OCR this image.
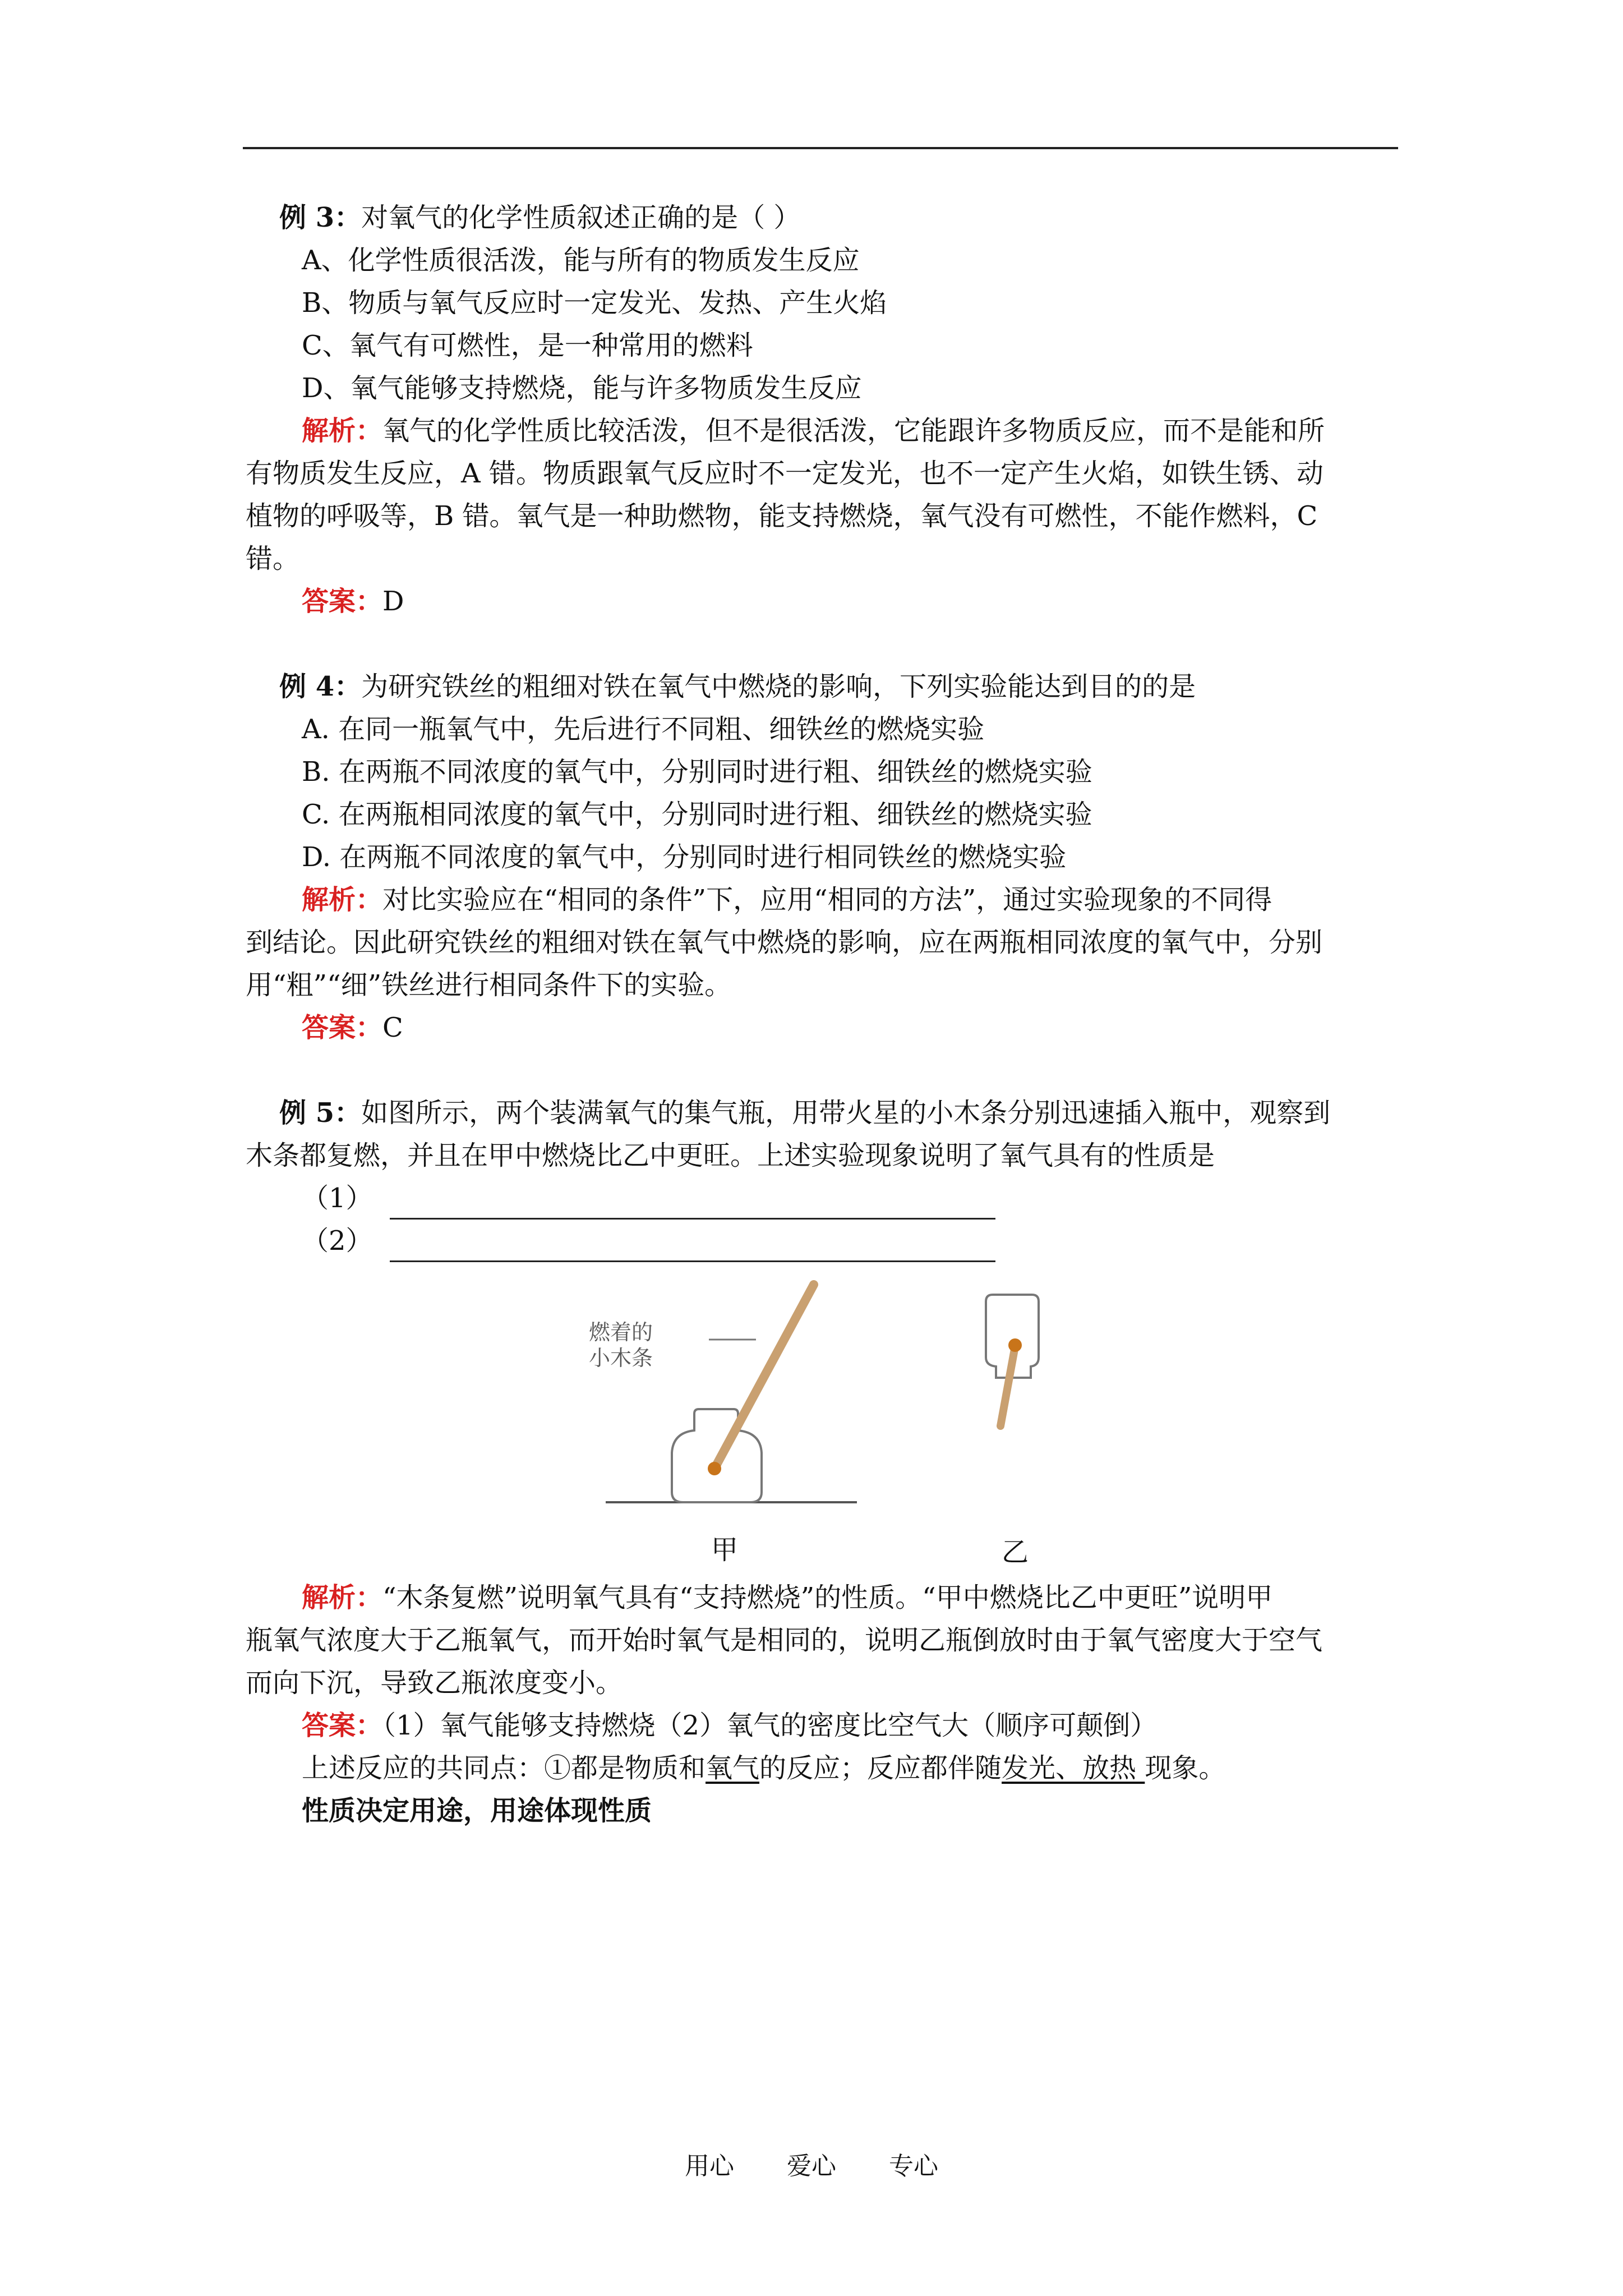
例 3：对氧气的化学性质叙述正确的是（ ）
A、化学性质很活泼，能与所有的物质发生反应
B、物质与氧气反应时一定发光、发热、产生火焰
C、氧气有可燃性，是一种常用的燃料
D、氧气能够支持燃烧，能与许多物质发生反应
解析：氧气的化学性质比较活泼，但不是很活泼，它能跟许多物质反应，而不是能和所
有物质发生反应，A 错。物质跟氧气反应时不一定发光，也不一定产生火焰，如铁生锈、动
植物的呼吸等，B 错。氧气是一种助燃物，能支持燃烧，氧气没有可燃性，不能作燃料，C
错。
答案：D
例 4：为研究铁丝的粗细对铁在氧气中燃烧的影响，下列实验能达到目的的是
A. 在同一瓶氧气中，先后进行不同粗、细铁丝的燃烧实验
B. 在两瓶不同浓度的氧气中，分别同时进行粗、细铁丝的燃烧实验
C. 在两瓶相同浓度的氧气中，分别同时进行粗、细铁丝的燃烧实验
D. 在两瓶不同浓度的氧气中，分别同时进行相同铁丝的燃烧实验
解析：对比实验应在“相同的条件”下，应用“相同的方法”，通过实验现象的不同得
到结论。因此研究铁丝的粗细对铁在氧气中燃烧的影响，应在两瓶相同浓度的氧气中，分别
用“粗”“细”铁丝进行相同条件下的实验。
答案：C
例 5：如图所示，两个装满氧气的集气瓶，用带火星的小木条分别迅速插入瓶中，观察到
木条都复燃，并且在甲中燃烧比乙中更旺。上述实验现象说明了氧气具有的性质是
（1）
（2）
燃着的
小木条
甲	乙
解析：“木条复燃”说明氧气具有“支持燃烧”的性质。“甲中燃烧比乙中更旺”说明甲
瓶氧气浓度大于乙瓶氧气，而开始时氧气是相同的，说明乙瓶倒放时由于氧气密度大于空气
而向下沉，导致乙瓶浓度变小。
答案：（1）氧气能够支持燃烧（2）氧气的密度比空气大（顺序可颠倒）
上述反应的共同点：①都是物质和氧气的反应；反应都伴随发光、放热 现象。
性质决定用途，用途体现性质
用心 爱心 专心
